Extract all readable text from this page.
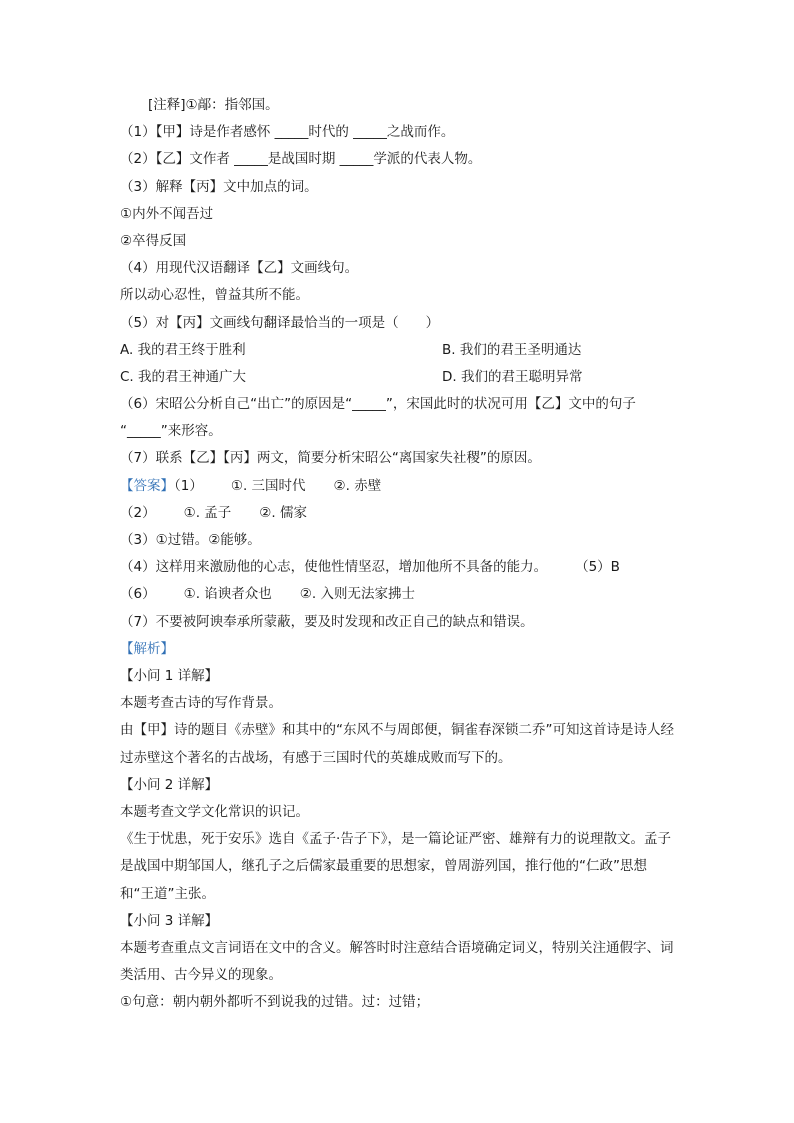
[注释]①鄗：指邻国。
（1）【甲】诗是作者感怀 _____时代的 _____之战而作。
（2）【乙】文作者 _____是战国时期 _____学派的代表人物。
（3）解释【丙】文中加点的词。
①内外不闻吾过
②卒得反国
（4）用现代汉语翻译【乙】文画线句。
所以动心忍性，曾益其所不能。
（5）对【丙】文画线句翻译最恰当的一项是（　　）
A. 我的君王终于胜利	B. 我们的君王圣明通达
C. 我的君王神通广大	D. 我们的君王聪明异常
（6）宋昭公分析自己“出亡”的原因是“_____”，宋国此时的状况可用【乙】文中的句子
“_____”来形容。
（7）联系【乙】【丙】两文，简要分析宋昭公“离国家失社稷”的原因。
【答案】（1） ①. 三国时代 ②. 赤壁
（2） ①. 孟子 ②. 儒家
（3）①过错。②能够。
（4）这样用来激励他的心志，使他性情坚忍，增加他所不具备的能力。 （5）B
（6） ①. 谄谀者众也 ②. 入则无法家拂士
（7）不要被阿谀奉承所蒙蔽，要及时发现和改正自己的缺点和错误。
【解析】
【小问 1 详解】
本题考查古诗的写作背景。
由【甲】诗的题目《赤壁》和其中的“东风不与周郎便，铜雀春深锁二乔”可知这首诗是诗人经过赤壁这个著名的古战场，有感于三国时代的英雄成败而写下的。
【小问 2 详解】
本题考查文学文化常识的识记。
《生于忧患，死于安乐》选自《孟子·告子下》，是一篇论证严密、雄辩有力的说理散文。孟子是战国中期邹国人，继孔子之后儒家最重要的思想家，曾周游列国，推行他的“仁政”思想和“王道”主张。
【小问 3 详解】
本题考查重点文言词语在文中的含义。解答时时注意结合语境确定词义，特别关注通假字、词类活用、古今异义的现象。
①句意：朝内朝外都听不到说我的过错。过：过错；
